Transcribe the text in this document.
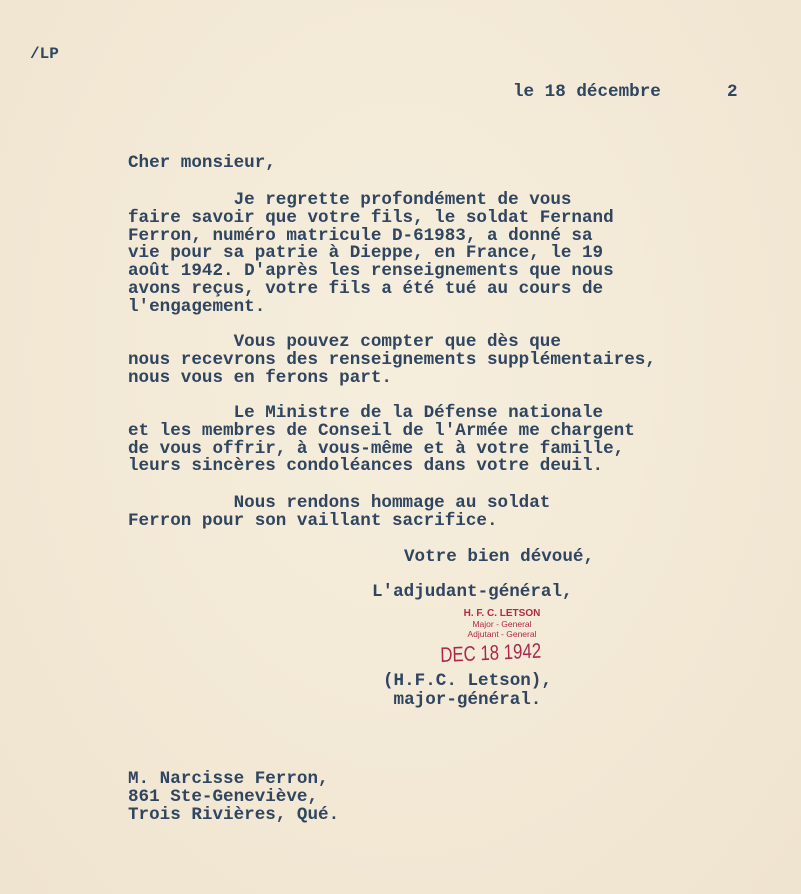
/LP
le 18 décembre	2
Cher monsieur,
Je regrette profondément de vous
faire savoir que votre fils, le soldat Fernand
Ferron, numéro matricule D-61983, a donné sa
vie pour sa patrie à Dieppe, en France, le 19
août 1942. D'après les renseignements que nous
avons reçus, votre fils a été tué au cours de
l'engagement.
Vous pouvez compter que dès que
nous recevrons des renseignements supplémentaires,
nous vous en ferons part.
Le Ministre de la Défense nationale
et les membres de Conseil de l'Armée me chargent
de vous offrir, à vous-même et à votre famille,
leurs sincères condoléances dans votre deuil.
Nous rendons hommage au soldat
Ferron pour son vaillant sacrifice.
Votre bien dévoué,
L'adjudant-général,
H. F. C. LETSON
Major - General
Adjutant - General
DEC 18 1942
(H.F.C. Letson),
major-général.
M. Narcisse Ferron,
861 Ste-Geneviève,
Trois Rivières, Qué.
